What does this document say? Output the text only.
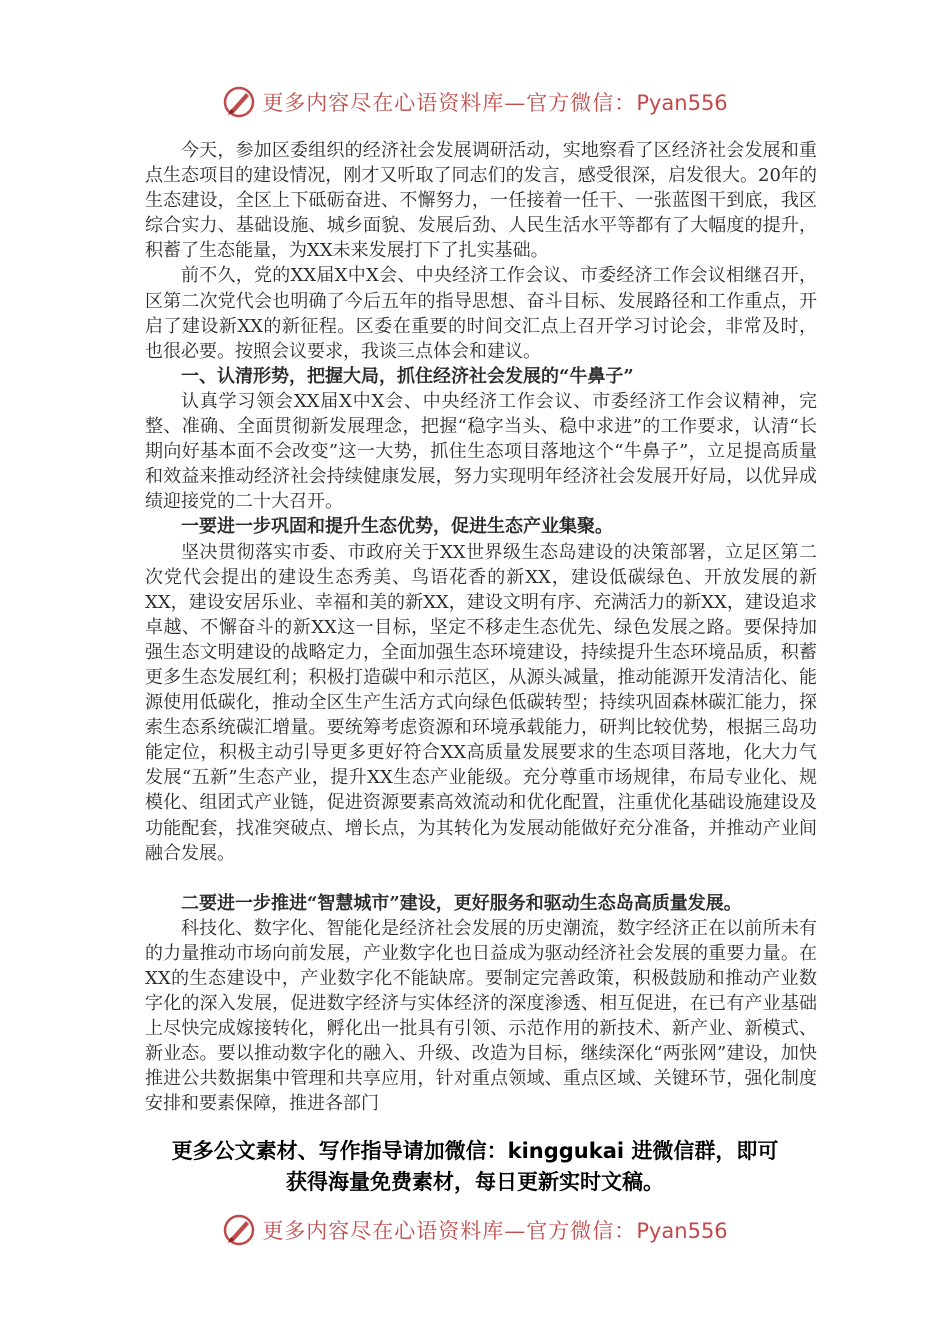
更多内容尽在心语资料库—官方微信：Pyan556

今天，参加区委组织的经济社会发展调研活动，实地察看了区经济社会发展和重点生态项目的建设情况，刚才又听取了同志们的发言，感受很深，启发很大。20年的生态建设，全区上下砥砺奋进、不懈努力，一任接着一任干、一张蓝图干到底，我区综合实力、基础设施、城乡面貌、发展后劲、人民生活水平等都有了大幅度的提升，积蓄了生态能量，为XX未来发展打下了扎实基础。

前不久，党的XX届X中X会、中央经济工作会议、市委经济工作会议相继召开，区第二次党代会也明确了今后五年的指导思想、奋斗目标、发展路径和工作重点，开启了建设新XX的新征程。区委在重要的时间交汇点上召开学习讨论会，非常及时，也很必要。按照会议要求，我谈三点体会和建议。

一、认清形势，把握大局，抓住经济社会发展的“牛鼻子”

认真学习领会XX届X中X会、中央经济工作会议、市委经济工作会议精神，完整、准确、全面贯彻新发展理念，把握“稳字当头、稳中求进”的工作要求，认清“长期向好基本面不会改变”这一大势，抓住生态项目落地这个“牛鼻子”，立足提高质量和效益来推动经济社会持续健康发展，努力实现明年经济社会发展开好局，以优异成绩迎接党的二十大召开。

一要进一步巩固和提升生态优势，促进生态产业集聚。

坚决贯彻落实市委、市政府关于XX世界级生态岛建设的决策部署，立足区第二次党代会提出的建设生态秀美、鸟语花香的新XX，建设低碳绿色、开放发展的新XX，建设安居乐业、幸福和美的新XX，建设文明有序、充满活力的新XX，建设追求卓越、不懈奋斗的新XX这一目标，坚定不移走生态优先、绿色发展之路。要保持加强生态文明建设的战略定力，全面加强生态环境建设，持续提升生态环境品质，积蓄更多生态发展红利；积极打造碳中和示范区，从源头减量，推动能源开发清洁化、能源使用低碳化，推动全区生产生活方式向绿色低碳转型；持续巩固森林碳汇能力，探索生态系统碳汇增量。要统筹考虑资源和环境承载能力，研判比较优势，根据三岛功能定位，积极主动引导更多更好符合XX高质量发展要求的生态项目落地，化大力气发展“五新”生态产业，提升XX生态产业能级。充分尊重市场规律，布局专业化、规模化、组团式产业链，促进资源要素高效流动和优化配置，注重优化基础设施建设及功能配套，找准突破点、增长点，为其转化为发展动能做好充分准备，并推动产业间融合发展。

二要进一步推进“智慧城市”建设，更好服务和驱动生态岛高质量发展。

科技化、数字化、智能化是经济社会发展的历史潮流，数字经济正在以前所未有的力量推动市场向前发展，产业数字化也日益成为驱动经济社会发展的重要力量。在XX的生态建设中，产业数字化不能缺席。要制定完善政策，积极鼓励和推动产业数字化的深入发展，促进数字经济与实体经济的深度渗透、相互促进，在已有产业基础上尽快完成嫁接转化，孵化出一批具有引领、示范作用的新技术、新产业、新模式、新业态。要以推动数字化的融入、升级、改造为目标，继续深化“两张网”建设，加快推进公共数据集中管理和共享应用，针对重点领域、重点区域、关键环节，强化制度安排和要素保障，推进各部门

更多公文素材、写作指导请加微信：kinggukai 进微信群，即可
获得海量免费素材，每日更新实时文稿。
更多内容尽在心语资料库—官方微信：Pyan556
